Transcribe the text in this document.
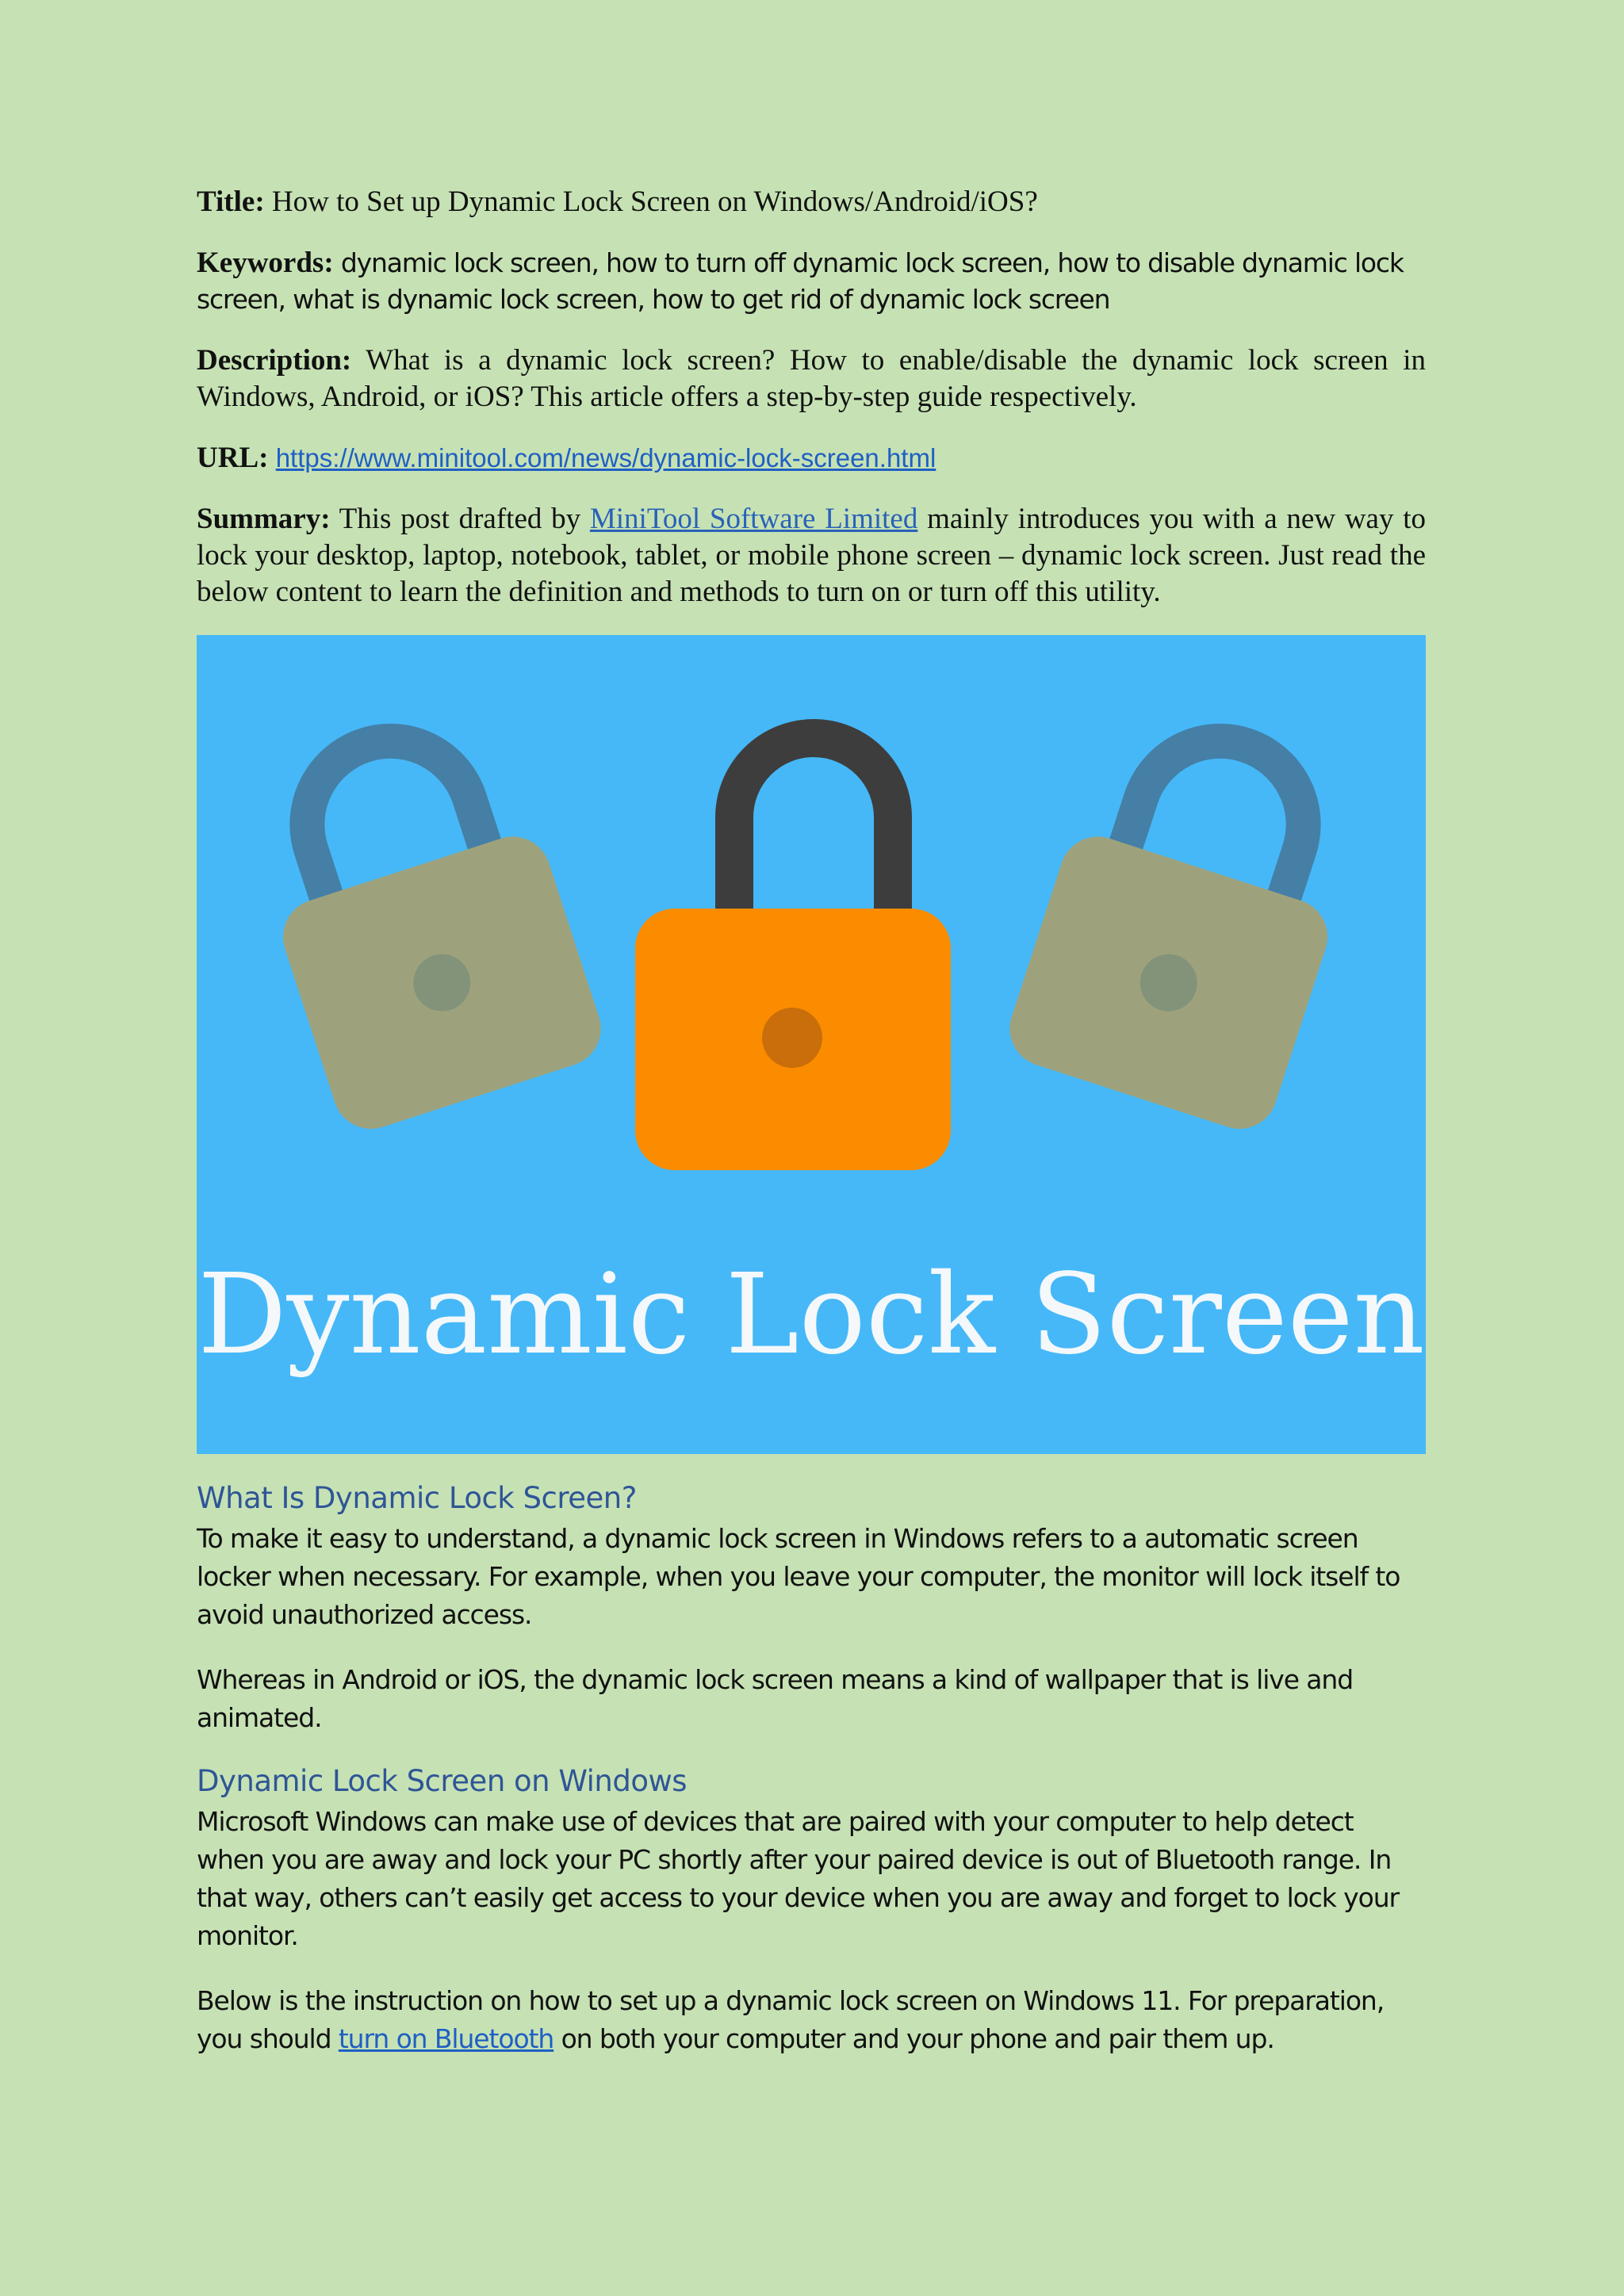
Title: How to Set up Dynamic Lock Screen on Windows/Android/iOS?

Keywords: dynamic lock screen, how to turn off dynamic lock screen, how to disable dynamic lock screen, what is dynamic lock screen, how to get rid of dynamic lock screen

Description: What is a dynamic lock screen? How to enable/disable the dynamic lock screen in Windows, Android, or iOS? This article offers a step-by-step guide respectively.

URL: https://www.minitool.com/news/dynamic-lock-screen.html

Summary: This post drafted by MiniTool Software Limited mainly introduces you with a new way to lock your desktop, laptop, notebook, tablet, or mobile phone screen – dynamic lock screen. Just read the below content to learn the definition and methods to turn on or turn off this utility.

Dynamic Lock Screen
What Is Dynamic Lock Screen?

To make it easy to understand, a dynamic lock screen in Windows refers to a automatic screen locker when necessary. For example, when you leave your computer, the monitor will lock itself to avoid unauthorized access.

Whereas in Android or iOS, the dynamic lock screen means a kind of wallpaper that is live and animated.

Dynamic Lock Screen on Windows

Microsoft Windows can make use of devices that are paired with your computer to help detect when you are away and lock your PC shortly after your paired device is out of Bluetooth range. In that way, others can’t easily get access to your device when you are away and forget to lock your monitor.

Below is the instruction on how to set up a dynamic lock screen on Windows 11. For preparation, you should turn on Bluetooth on both your computer and your phone and pair them up.
